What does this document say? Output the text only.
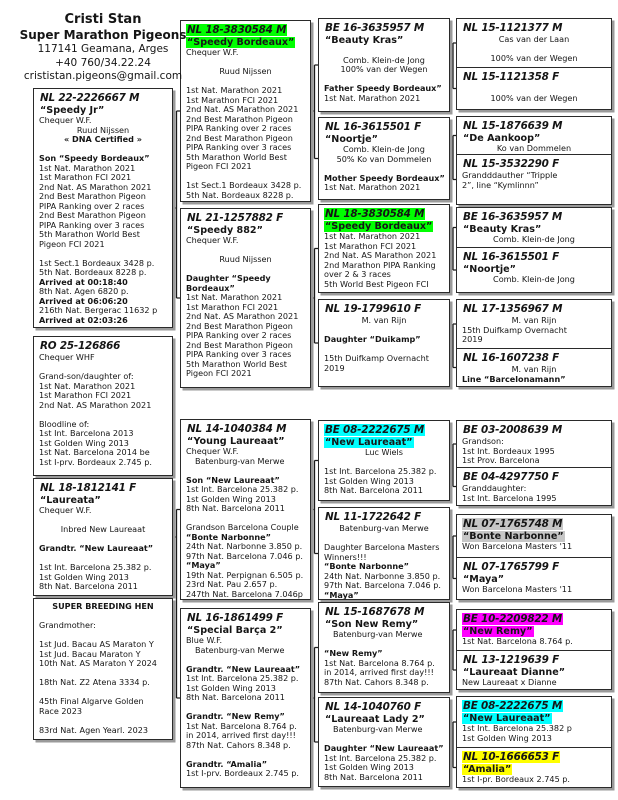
Cristi Stan
Super Marathon Pigeons
117141 Geamana, Arges
+40 760/34.22.24
crististan.pigeons@gmail.com
NL 22-2226667 M
“Speedy Jr”
Chequer W.F.
Ruud Nijssen
« DNA Certified »
Son “Speedy Bordeaux”
1st Nat. Marathon 2021
1st Marathon FCI 2021
2nd Nat. AS Marathon 2021
2nd Best Marathon Pigeon
PIPA Ranking over 2 races
2nd Best Marathon Pigeon
PIPA Ranking over 3 races
5th Marathon World Best
Pigeon FCI 2021
1st Sect.1 Bordeaux 3428 p.
5th Nat. Bordeaux 8228 p.
Arrived at 00:18:40
8th Nat. Agen 6820 p.
Arrived at 06:06:20
216th Nat. Bergerac 11632 p
Arrived at 02:03:26
RO 25-126866
Chequer WHF
Grand-son/daughter of:
1st Nat. Marathon 2021
1st Marathon FCI 2021
2nd Nat. AS Marathon 2021
Bloodline of:
1st Int. Barcelona 2013
1st Golden Wing 2013
1st Nat. Barcelona 2014 be
1st I-prv. Bordeaux 2.745 p.
NL 18-1812141 F
“Laureata”
Chequer W.F.
Inbred New Laureaat
Grandtr. “New Laureaat”
1st Int. Barcelona 25.382 p.
1st Golden Wing 2013
8th Nat. Barcelona 2011
SUPER BREEDING HEN
Grandmother:
1st Jud. Bacau AS Maraton Y
1st Jud. Bacau Maraton Y
10th Nat. AS Maraton Y 2024
18th Nat. Z2 Atena 3334 p.
45th Final Algarve Golden
Race 2023
83rd Nat. Agen Yearl. 2023
NL 18-3830584 M
“Speedy Bordeaux”
Chequer W.F.
Ruud Nijssen
1st Nat. Marathon 2021
1st Marathon FCI 2021
2nd Nat. AS Marathon 2021
2nd Best Marathon Pigeon
PIPA Ranking over 2 races
2nd Best Marathon Pigeon
PIPA Ranking over 3 races
5th Marathon World Best
Pigeon FCI 2021
1st Sect.1 Bordeaux 3428 p.
5th Nat. Bordeaux 8228 p.
NL 21-1257882 F
“Speedy 882”
Chequer W.F.
Ruud Nijssen
Daughter “Speedy
Bordeaux”
1st Nat. Marathon 2021
1st Marathon FCI 2021
2nd Nat. AS Marathon 2021
2nd Best Marathon Pigeon
PIPA Ranking over 2 races
2nd Best Marathon Pigeon
PIPA Ranking over 3 races
5th Marathon World Best
Pigeon FCI 2021
NL 14-1040384 M
“Young Laureaat”
Chequer W.F.
Batenburg-van Merwe
Son “New Laureaat”
1st Int. Barcelona 25.382 p.
1st Golden Wing 2013
8th Nat. Barcelona 2011
Grandson Barcelona Couple
“Bonte Narbonne”
24th Nat. Narbonne 3.850 p.
97th Nat. Barcelona 7.046 p.
“Maya”
19th Nat. Perpignan 6.505 p.
23rd Nat. Pau 2.657 p.
247th Nat. Barcelona 7.046p
NL 16-1861499 F
“Special Barça 2”
Blue W.F.
Batenburg-van Merwe
Grandtr. “New Laureaat”
1st Int. Barcelona 25.382 p.
1st Golden Wing 2013
8th Nat. Barcelona 2011
Grandtr. “New Remy”
1st Nat. Barcelona 8.764 p.
in 2014, arrived first day!!!
87th Nat. Cahors 8.348 p.
Grandtr. “Amalia”
1st I-prv. Bordeaux 2.745 p.
BE 16-3635957 M
“Beauty Kras”
Comb. Klein-de Jong
100% van der Wegen
Father Speedy Bordeaux”
1st Nat. Marathon 2021
NL 16-3615501 F
“Noortje”
Comb. Klein-de Jong
50% Ko van Dommelen
Mother Speedy Bordeaux”
1st Nat. Marathon 2021
NL 18-3830584 M
“Speedy Bordeaux”
1st Nat. Marathon 2021
1st Marathon FCI 2021
2nd Nat. AS Marathon 2021
2nd Marathon PIPA Ranking
over 2 & 3 races
5th World Best Pigeon FCI
NL 19-1799610 F
M. van Rijn
Daughter “Duikamp”
15th Duifkamp Overnacht
2019
BE 08-2222675 M
“New Laureaat”
Luc Wiels
1st Int. Barcelona 25.382 p.
1st Golden Wing 2013
8th Nat. Barcelona 2011
NL 11-1722642 F
Batenburg-van Merwe
Daughter Barcelona Masters
Winners!!!
“Bonte Narbonne”
24th Nat. Narbonne 3.850 p.
97th Nat. Barcelona 7.046 p.
“Maya”
NL 15-1687678 M
“Son New Remy”
Batenburg-van Merwe
“New Remy”
1st Nat. Barcelona 8.764 p.
in 2014, arrived first day!!!
87th Nat. Cahors 8.348 p.
NL 14-1040760 F
“Laureaat Lady 2”
Batenburg-van Merwe
Daughter “New Laureaat”
1st Int. Barcelona 25.382 p.
1st Golden Wing 2013
8th Nat. Barcelona 2011
NL 15-1121377 M
Cas van der Laan
100% van der Wegen
NL 15-1121358 F
100% van der Wegen
NL 15-1876639 M
“De Aankoop”
Ko van Dommelen
NL 15-3532290 F
Grandddauther “Tripple
2”, line “Kymlinnn”
BE 16-3635957 M
“Beauty Kras”
Comb. Klein-de Jong
NL 16-3615501 F
“Noortje”
Comb. Klein-de Jong
NL 17-1356967 M
M. van Rijn
15th Duifkamp Overnacht
2019
NL 16-1607238 F
M. van Rijn
Line “Barcelonamann”
BE 03-2008639 M
Grandson:
1st Int. Bordeaux 1995
1st Prov. Barcelona
BE 04-4297750 F
Granddaughter:
1st Int. Barcelona 1995
NL 07-1765748 M
“Bonte Narbonne”
Won Barcelona Masters '11
NL 07-1765799 F
“Maya”
Won Barcelona Masters '11
BE 10-2209822 M
“New Remy”
1st Nat. Barcelona 8.764 p.
NL 13-1219639 F
“Laureaat Dianne”
New Laureaat x Dianne
BE 08-2222675 M
“New Laureaat”
1st Int. Barcelona 25.382 p
1st Golden Wing 2013
NL 10-1666653 F
“Amalia”
1st I-pr. Bordeaux 2.745 p.
